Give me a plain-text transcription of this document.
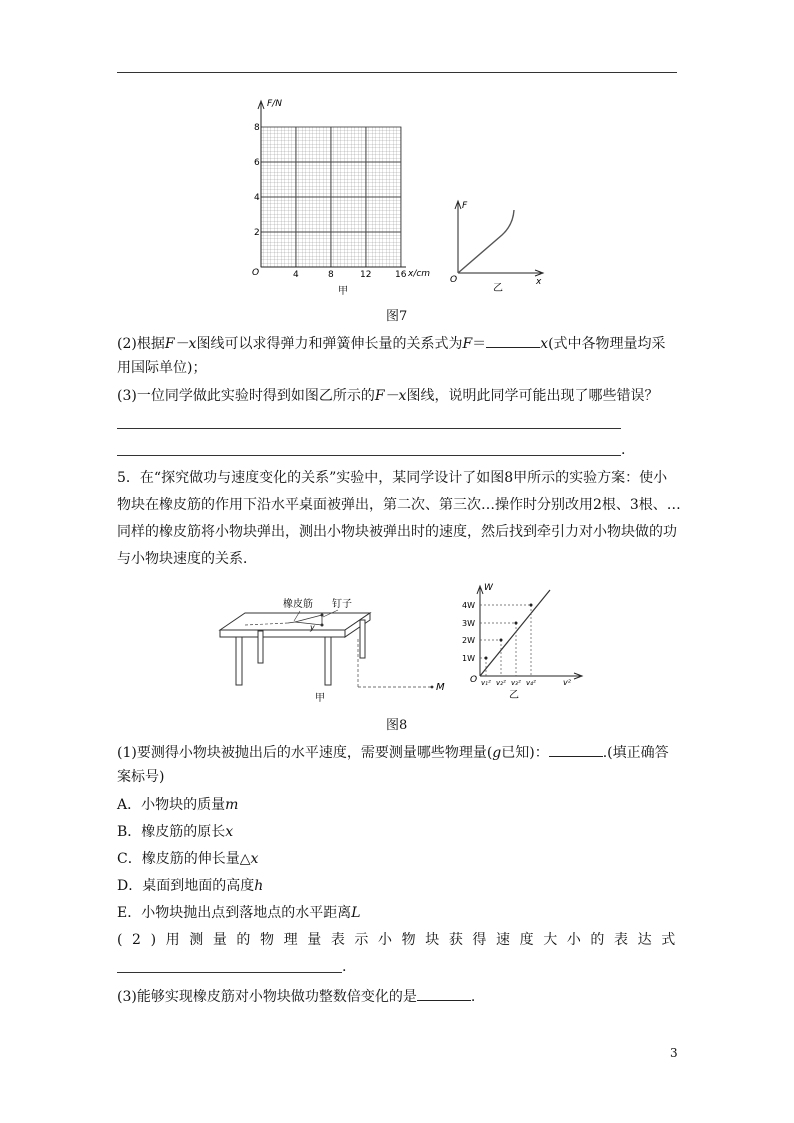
F/N
O
2
4
6
8
4	8	12	16 x/cm
甲
F
O	x
乙
图7
(2)根据F－x图线可以求得弹力和弹簧伸长量的关系式为F＝	x(式中各物理量均采
用国际单位)；
(3)一位同学做此实验时得到如图乙所示的F－x图线，说明此同学可能出现了哪些错误？
.
5．在“探究做功与速度变化的关系”实验中，某同学设计了如图8甲所示的实验方案：使小
物块在橡皮筋的作用下沿水平桌面被弹出，第二次、第三次…操作时分别改用2根、3根、…
同样的橡皮筋将小物块弹出，测出小物块被弹出时的速度，然后找到牵引力对小物块做的功
与小物块速度的关系．
橡皮筋 钉子
y
M
甲
W
1W
2W
3W
4W
v₁² v₂² v₃² v₄²	v²
O
乙
图8
(1)要测得小物块被抛出后的水平速度，需要测量哪些物理量(g已知)：	.(填正确答
案标号)
A．小物块的质量m
B．橡皮筋的原长x
C．橡皮筋的伸长量△x
D．桌面到地面的高度h
E．小物块抛出点到落地点的水平距离L
(2)用测量的物理量表示小物块获得速度大小的表达式
.
(3)能够实现橡皮筋对小物块做功整数倍变化的是	.
3
